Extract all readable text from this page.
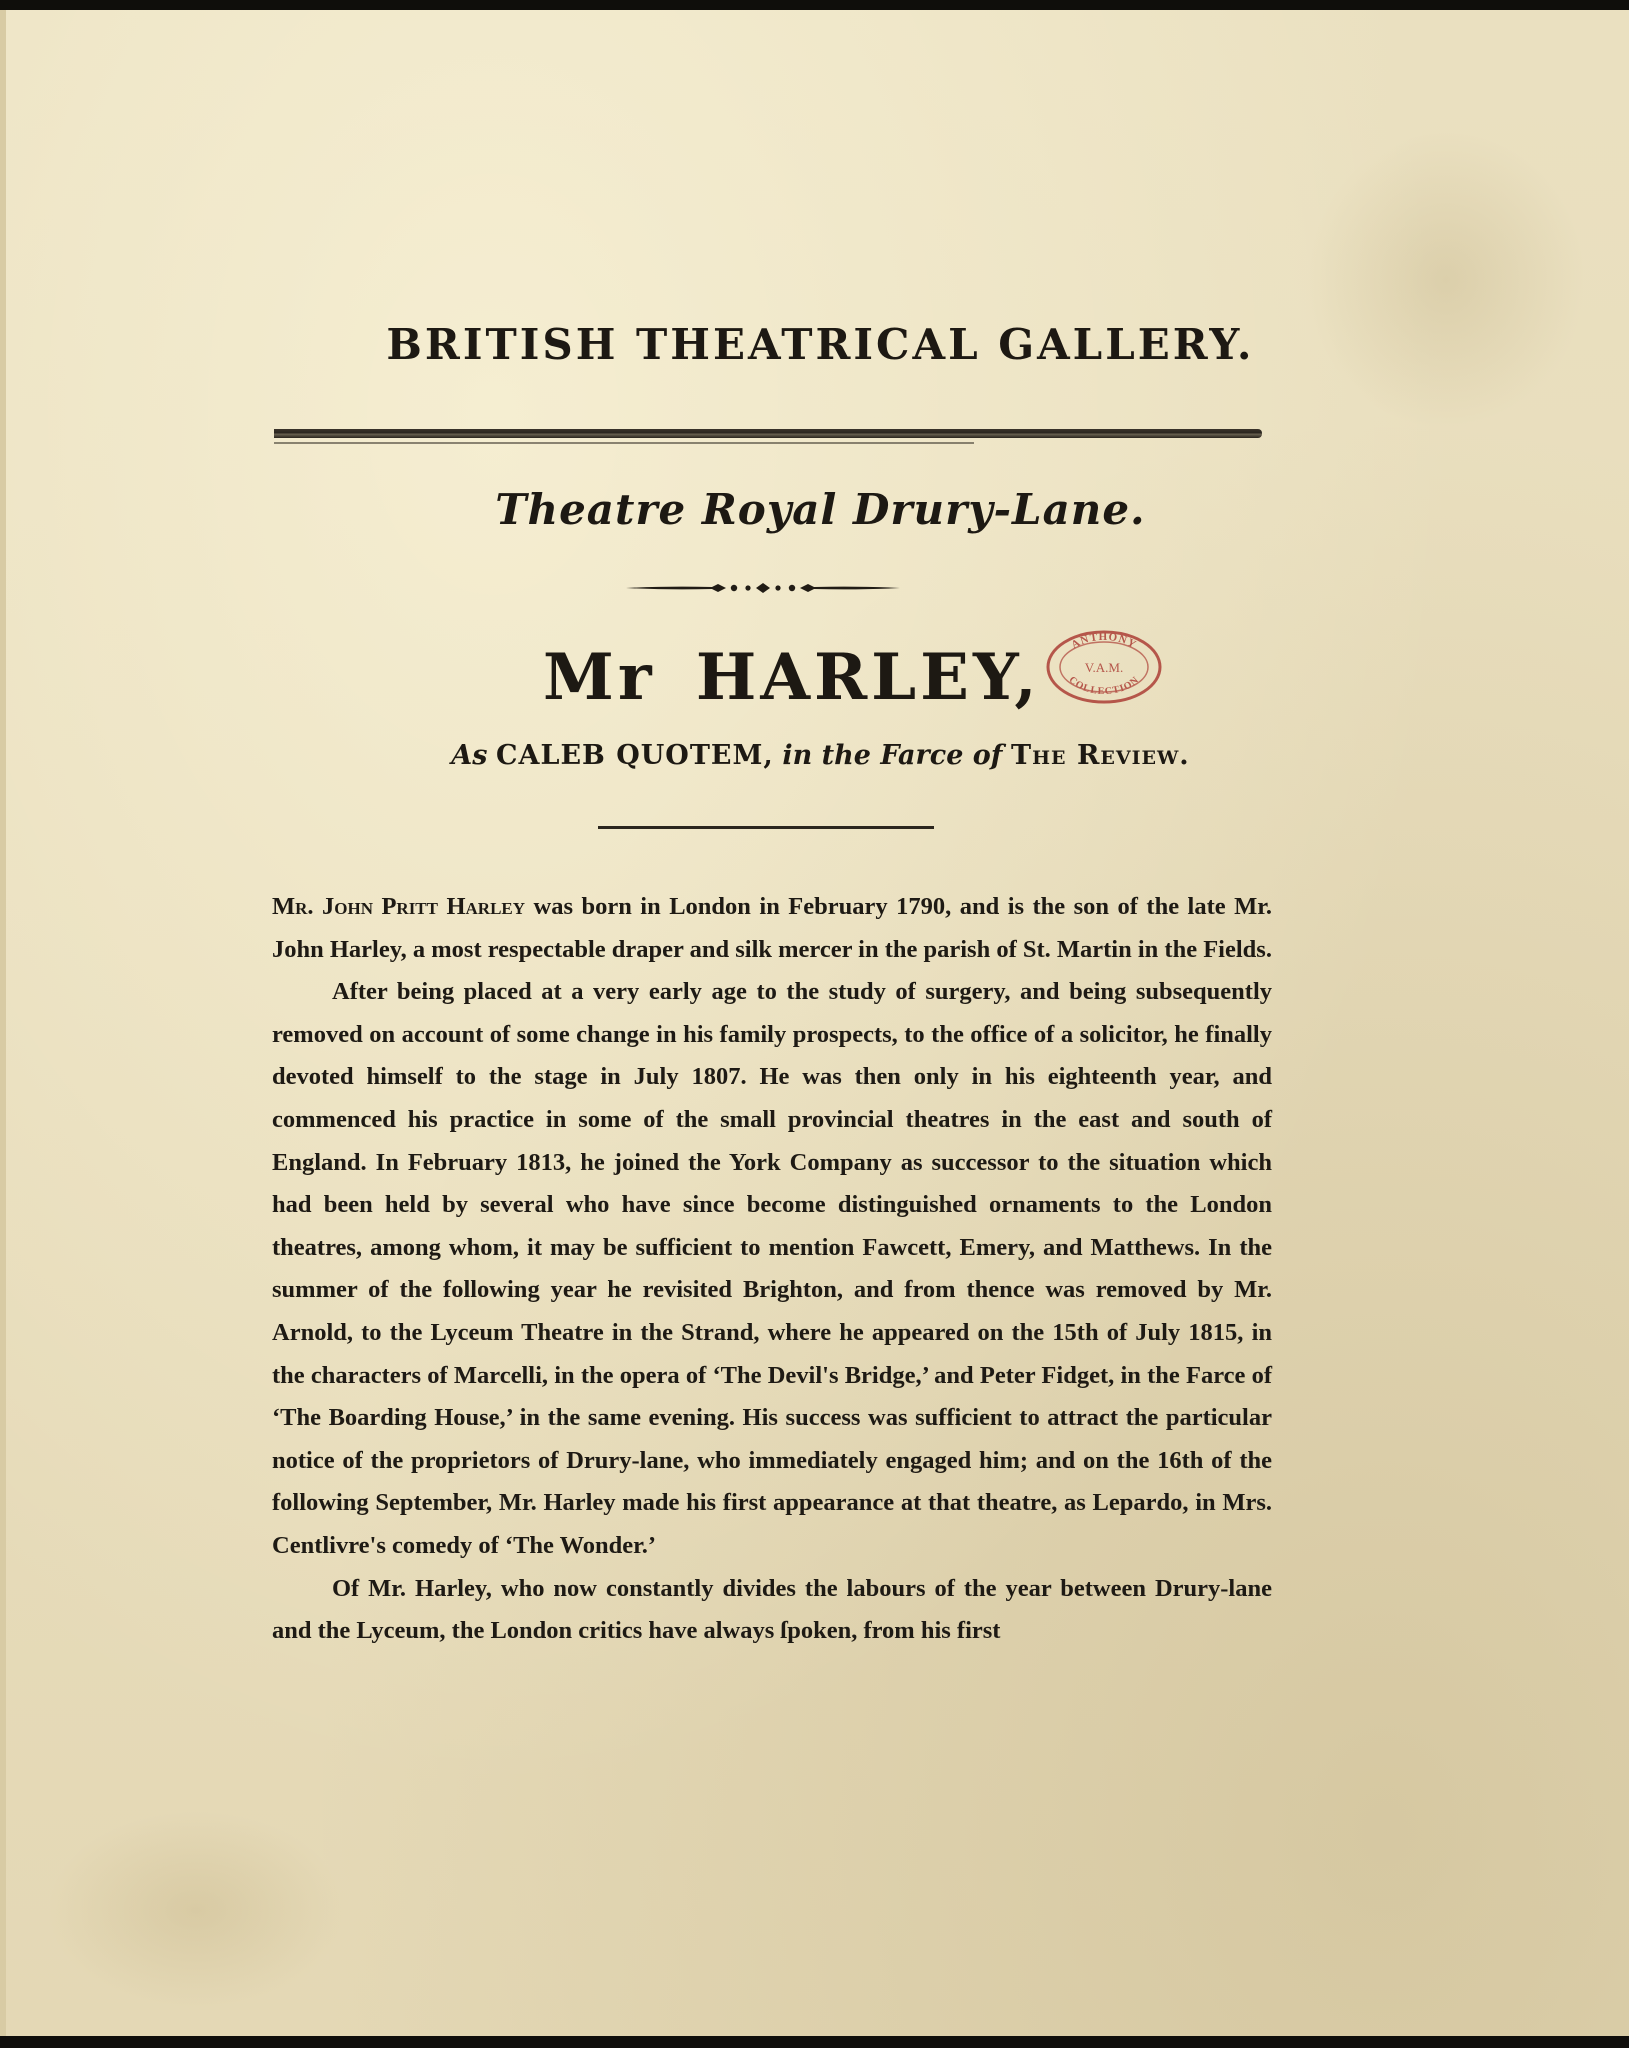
BRITISH THEATRICAL GALLERY.
Theatre Royal Drury-Lane.
Mr HARLEY,	ANTHONY
V.A.M.
COLLECTION
As CALEB QUOTEM, in the Farce of The Review.

Mr. John Pritt Harley was born in London in February 1790, and is the son of the late Mr. John Harley, a most respectable draper and silk mercer in the parish of St. Martin in the Fields.

After being placed at a very early age to the study of surgery, and being subsequently removed on account of some change in his family prospects, to the office of a solicitor, he finally devoted himself to the stage in July 1807. He was then only in his eighteenth year, and commenced his practice in some of the small provincial theatres in the east and south of England. In February 1813, he joined the York Company as successor to the situation which had been held by several who have since become distinguished ornaments to the London theatres, among whom, it may be sufficient to mention Fawcett, Emery, and Matthews. In the summer of the following year he revisited Brighton, and from thence was removed by Mr. Arnold, to the Lyceum Theatre in the Strand, where he appeared on the 15th of July 1815, in the characters of Marcelli, in the opera of ‘The Devil's Bridge,’ and Peter Fidget, in the Farce of ‘The Boarding House,’ in the same evening. His success was sufficient to attract the particular notice of the proprietors of Drury-lane, who immediately engaged him; and on the 16th of the following September, Mr. Harley made his first appearance at that theatre, as Lepardo, in Mrs. Centlivre's comedy of ‘The Wonder.’

Of Mr. Harley, who now constantly divides the labours of the year between Drury-lane and the Lyceum, the London critics have always ſpoken, from his first
